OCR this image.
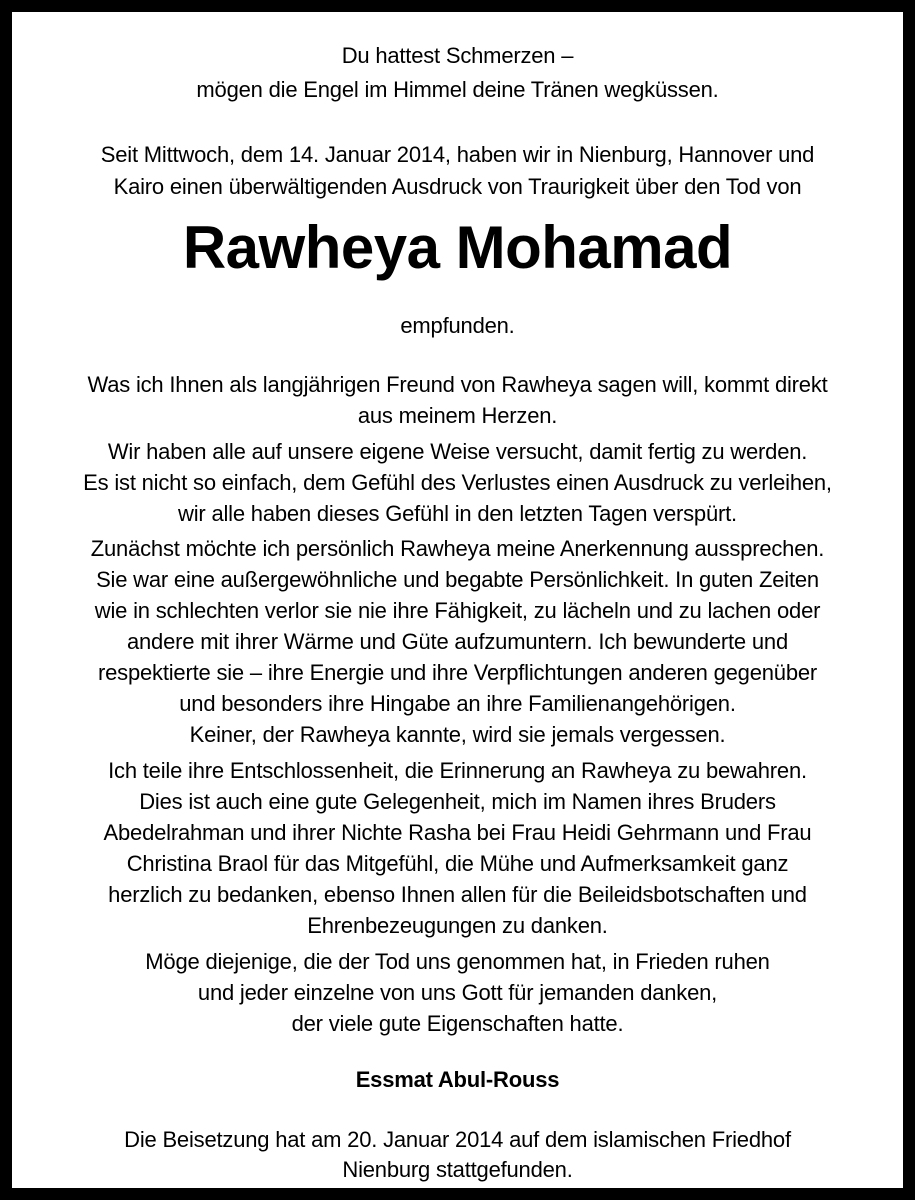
Du hattest Schmerzen –
mögen die Engel im Himmel deine Tränen wegküssen.
Seit Mittwoch, dem 14. Januar 2014, haben wir in Nienburg, Hannover und
Kairo einen überwältigenden Ausdruck von Traurigkeit über den Tod von
Rawheya Mohamad
empfunden.
Was ich Ihnen als langjährigen Freund von Rawheya sagen will, kommt direkt
aus meinem Herzen.
Wir haben alle auf unsere eigene Weise versucht, damit fertig zu werden.
Es ist nicht so einfach, dem Gefühl des Verlustes einen Ausdruck zu verleihen,
wir alle haben dieses Gefühl in den letzten Tagen verspürt.
Zunächst möchte ich persönlich Rawheya meine Anerkennung aussprechen.
Sie war eine außergewöhnliche und begabte Persönlichkeit. In guten Zeiten
wie in schlechten verlor sie nie ihre Fähigkeit, zu lächeln und zu lachen oder
andere mit ihrer Wärme und Güte aufzumuntern. Ich bewunderte und
respektierte sie – ihre Energie und ihre Verpflichtungen anderen gegenüber
und besonders ihre Hingabe an ihre Familienangehörigen.
Keiner, der Rawheya kannte, wird sie jemals vergessen.
Ich teile ihre Entschlossenheit, die Erinnerung an Rawheya zu bewahren.
Dies ist auch eine gute Gelegenheit, mich im Namen ihres Bruders
Abedelrahman und ihrer Nichte Rasha bei Frau Heidi Gehrmann und Frau
Christina Braol für das Mitgefühl, die Mühe und Aufmerksamkeit ganz
herzlich zu bedanken, ebenso Ihnen allen für die Beileidsbotschaften und
Ehrenbezeugungen zu danken.
Möge diejenige, die der Tod uns genommen hat, in Frieden ruhen
und jeder einzelne von uns Gott für jemanden danken,
der viele gute Eigenschaften hatte.
Essmat Abul-Rouss
Die Beisetzung hat am 20. Januar 2014 auf dem islamischen Friedhof
Nienburg stattgefunden.
